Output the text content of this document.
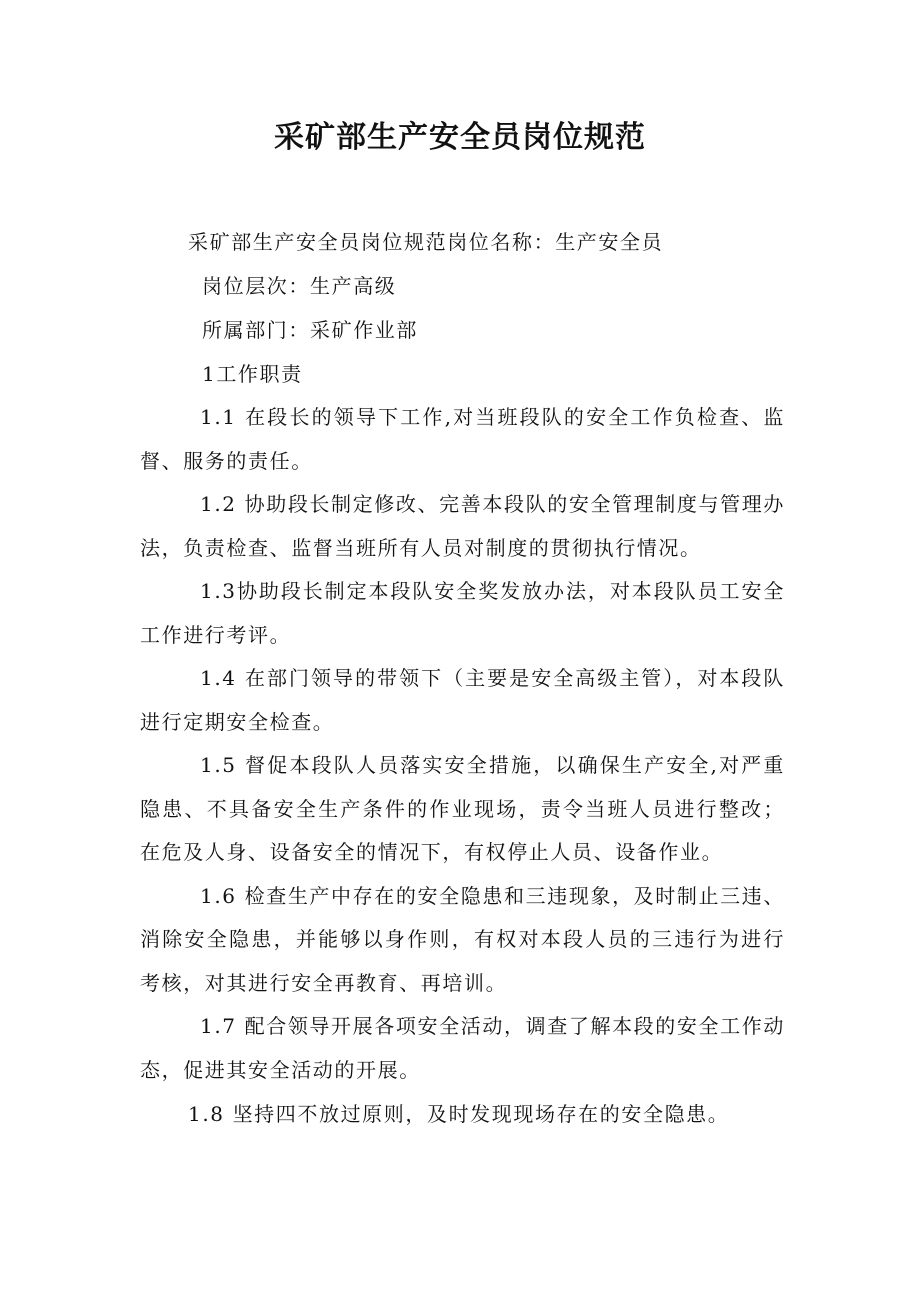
采矿部生产安全员岗位规范

采矿部生产安全员岗位规范岗位名称：生产安全员

岗位层次：生产高级

所属部门：采矿作业部

1工作职责

1.1 在段长的领导下工作,对当班段队的安全工作负检查、监督、服务的责任。

1.2 协助段长制定修改、完善本段队的安全管理制度与管理办法，负责检查、监督当班所有人员对制度的贯彻执行情况。

1.3协助段长制定本段队安全奖发放办法，对本段队员工安全工作进行考评。

1.4 在部门领导的带领下（主要是安全高级主管），对本段队进行定期安全检查。

1.5 督促本段队人员落实安全措施，以确保生产安全,对严重隐患、不具备安全生产条件的作业现场，责令当班人员进行整改；在危及人身、设备安全的情况下，有权停止人员、设备作业。

1.6 检查生产中存在的安全隐患和三违现象，及时制止三违、消除安全隐患，并能够以身作则，有权对本段人员的三违行为进行考核，对其进行安全再教育、再培训。

1.7 配合领导开展各项安全活动，调查了解本段的安全工作动态，促进其安全活动的开展。

1.8 坚持四不放过原则，及时发现现场存在的安全隐患。
